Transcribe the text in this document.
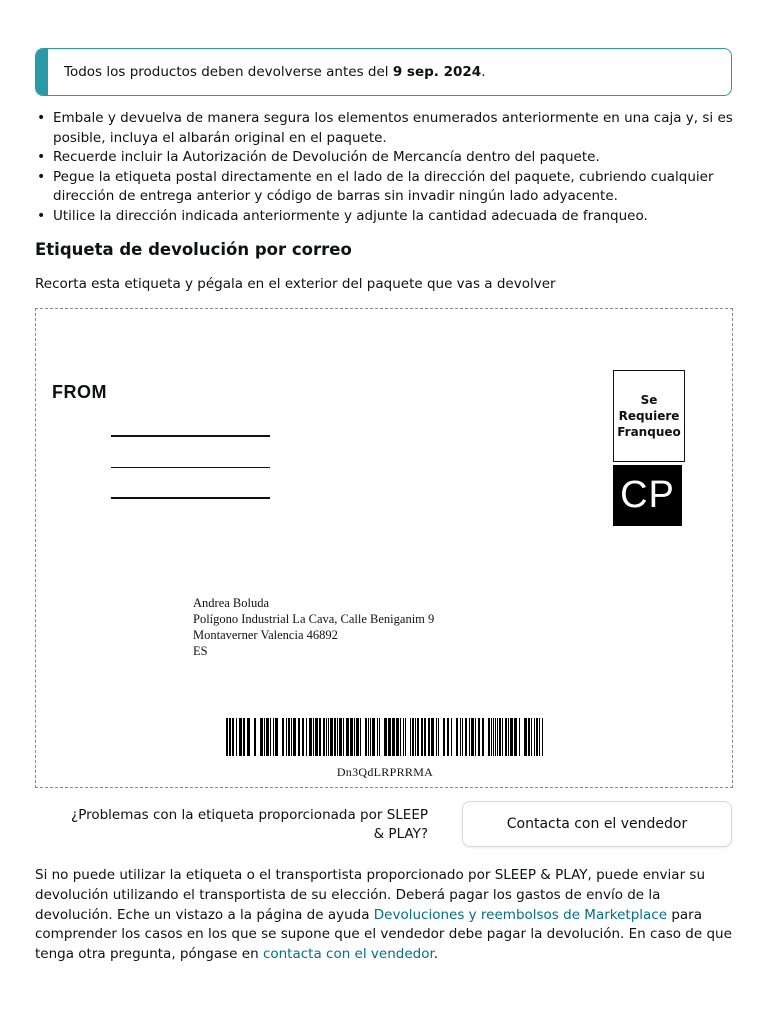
Todos los productos deben devolverse antes del 9 sep. 2024.
• Embale y devuelva de manera segura los elementos enumerados anteriormente en una caja y, si es posible, incluya el albarán original en el paquete.
• Recuerde incluir la Autorización de Devolución de Mercancía dentro del paquete.
• Pegue la etiqueta postal directamente en el lado de la dirección del paquete, cubriendo cualquier dirección de entrega anterior y código de barras sin invadir ningún lado adyacente.
• Utilice la dirección indicada anteriormente y adjunte la cantidad adecuada de franqueo.
Etiqueta de devolución por correo

Recorta esta etiqueta y pégala en el exterior del paquete que vas a devolver

FROM	Se
Requiere
Franqueo
CP
Andrea Boluda
Polígono Industrial La Cava, Calle Beniganim 9
Montaverner Valencia 46892
ES
Dn3QdLRPRRMA
¿Problemas con la etiqueta proporcionada por SLEEP & PLAY?
Contacta con el vendedor

Si no puede utilizar la etiqueta o el transportista proporcionado por SLEEP & PLAY, puede enviar su devolución utilizando el transportista de su elección. Deberá pagar los gastos de envío de la devolución. Eche un vistazo a la página de ayuda Devoluciones y reembolsos de Marketplace para comprender los casos en los que se supone que el vendedor debe pagar la devolución. En caso de que tenga otra pregunta, póngase en contacta con el vendedor.
